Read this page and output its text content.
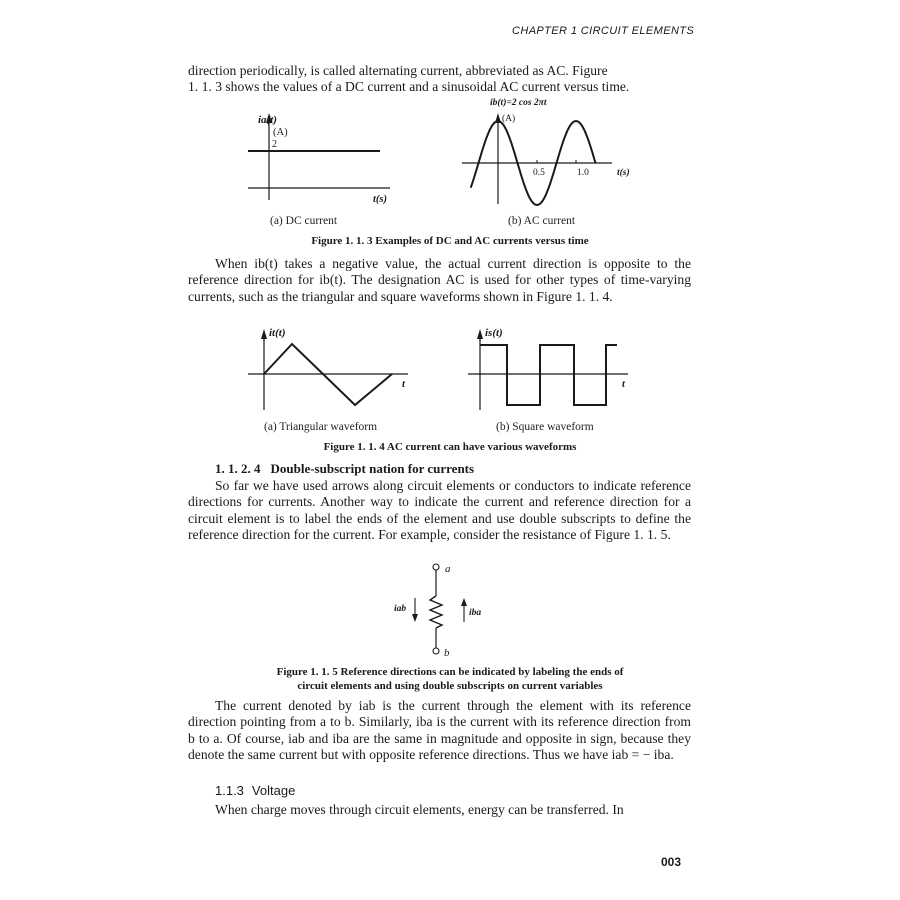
CHAPTER 1 CIRCUIT ELEMENTS

direction periodically, is called alternating current, abbreviated as AC. Figure

1. 1. 3 shows the values of a DC current and a sinusoidal AC current versus time.

ia(t)
(A)
2
t(s)
ib(t)=2 cos 2πt
(A)
0.5	1.0	t(s)
(a) DC current	(b) AC current
Figure 1. 1. 3 Examples of DC and AC currents versus time
When ib(t) takes a negative value, the actual current direction is opposite to the reference direction for ib(t). The designation AC is used for other types of time-varying currents, such as the triangular and square waveforms shown in Figure 1. 1. 4.
it(t)
t
is(t)
t
(a) Triangular waveform	(b) Square waveform
Figure 1. 1. 4 AC current can have various waveforms
1. 1. 2. 4 Double-subscript nation for currents
So far we have used arrows along circuit elements or conductors to indicate reference directions for currents. Another way to indicate the current and reference direction for a circuit element is to label the ends of the element and use double subscripts to define the reference direction for the current. For example, consider the resistance of Figure 1. 1. 5.
a
b
iab	iba
Figure 1. 1. 5 Reference directions can be indicated by labeling the ends of
circuit elements and using double subscripts on current variables
The current denoted by iab is the current through the element with its reference direction pointing from a to b. Similarly, iba is the current with its reference direction from b to a. Of course, iab and iba are the same in magnitude and opposite in sign, because they denote the same current but with opposite reference directions. Thus we have iab = − iba.
1.1.3 Voltage
When charge moves through circuit elements, energy can be transferred. In
003
